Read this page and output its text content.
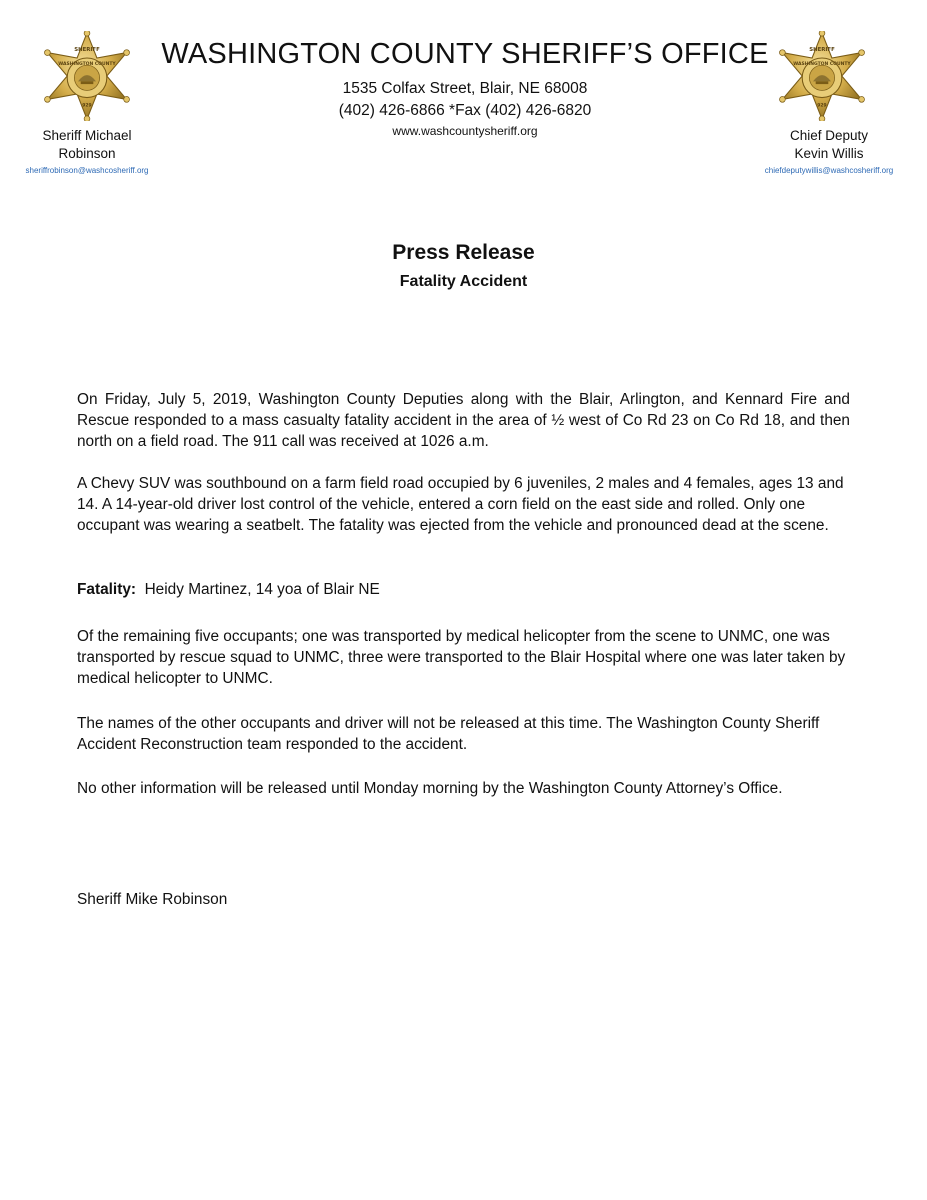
SHERIFF
WASHINGTON COUNTY
929
SHERIFF
WASHINGTON COUNTY
929
Sheriff Michael
Robinson
sheriffrobinson@washcosheriff.org
Chief Deputy
Kevin Willis
chiefdeputywillis@washcosheriff.org
WASHINGTON COUNTY SHERIFF’S OFFICE
1535 Colfax Street, Blair, NE 68008
(402) 426-6866 *Fax (402) 426-6820
www.washcountysheriff.org
Press Release
Fatality Accident

On Friday, July 5, 2019, Washington County Deputies along with the Blair, Arlington, and Kennard Fire and Rescue responded to a mass casualty fatality accident in the area of ½ west of Co Rd 23 on Co Rd 18, and then north on a field road. The 911 call was received at 1026 a.m.

A Chevy SUV was southbound on a farm field road occupied by 6 juveniles, 2 males and 4 females, ages 13 and 14. A 14-year-old driver lost control of the vehicle, entered a corn field on the east side and rolled. Only one occupant was wearing a seatbelt. The fatality was ejected from the vehicle and pronounced dead at the scene.

Fatality:  Heidy Martinez, 14 yoa of Blair NE

Of the remaining five occupants; one was transported by medical helicopter from the scene to UNMC, one was transported by rescue squad to UNMC, three were transported to the Blair Hospital where one was later taken by medical helicopter to UNMC.

The names of the other occupants and driver will not be released at this time. The Washington County Sheriff Accident Reconstruction team responded to the accident.

No other information will be released until Monday morning by the Washington County Attorney’s Office.

Sheriff Mike Robinson
